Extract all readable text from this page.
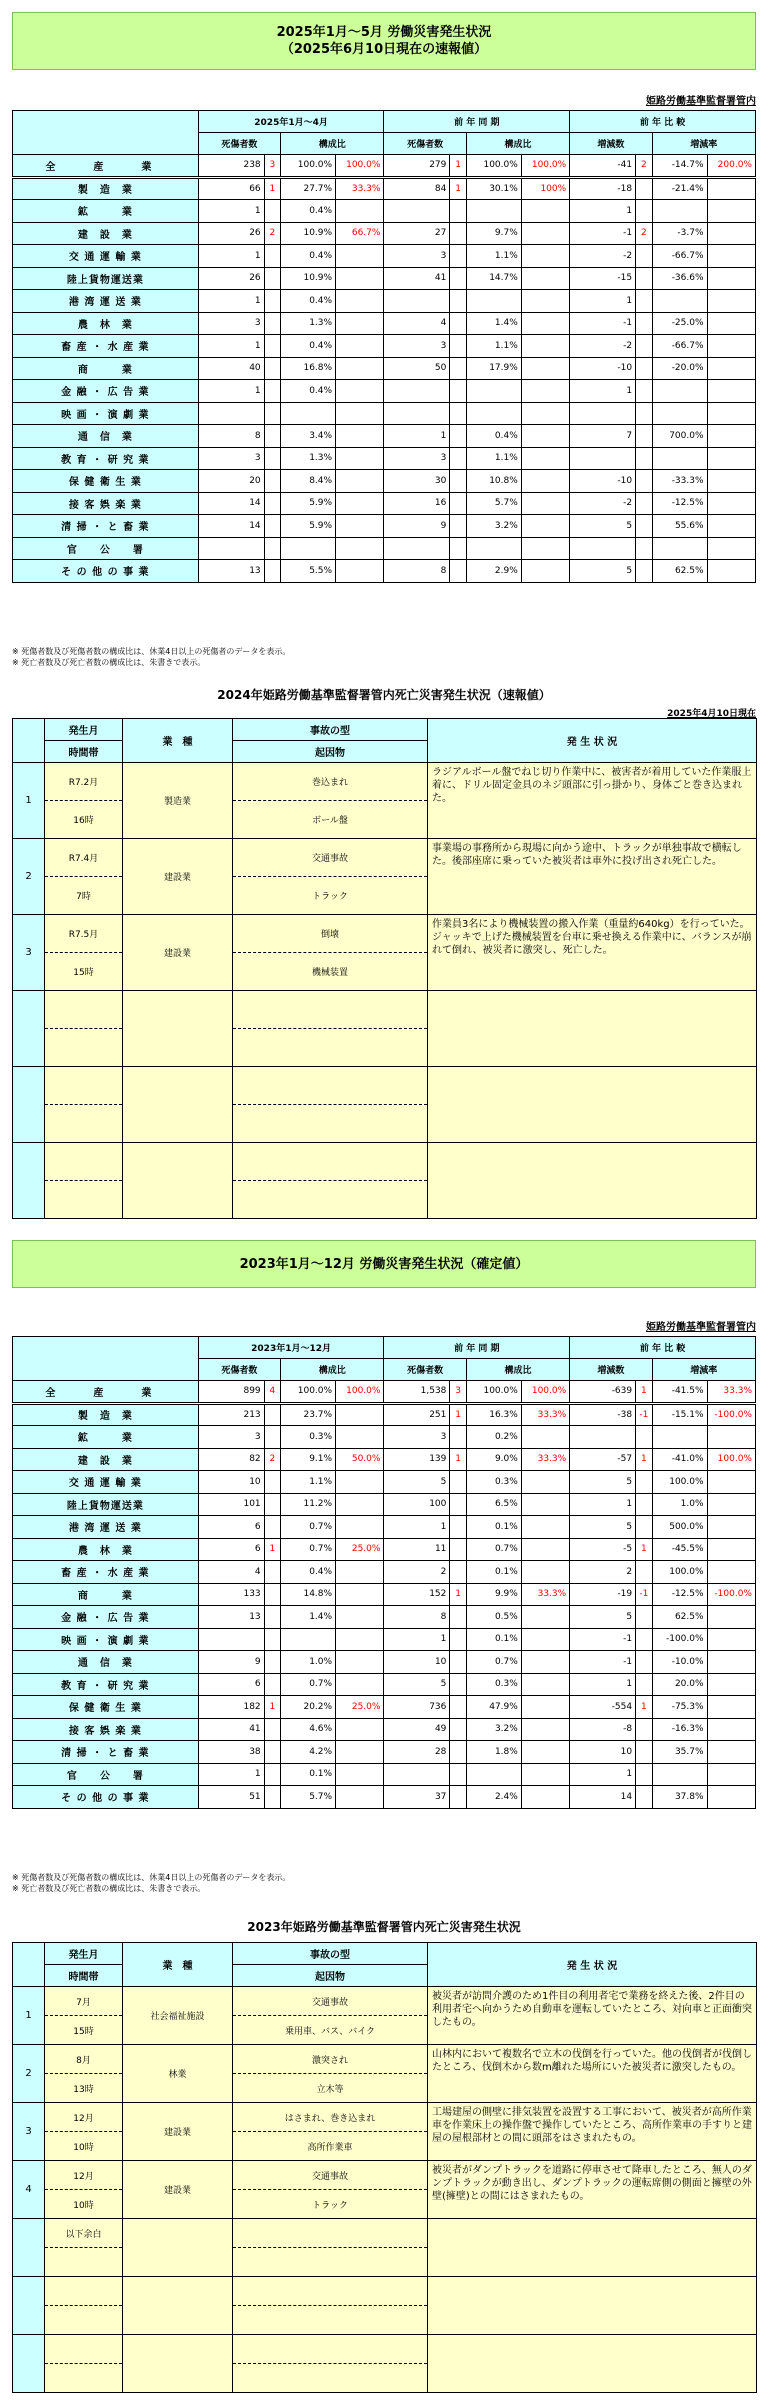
2025年1月～5月 労働災害発生状況
（2025年6月10日現在の速報値）
姫路労働基準監督署管内
	2025年1月～4月				前 年 同 期				前 年 比 較			
	死傷者数		構成比		死傷者数		構成比		増減数		増減率	
全　産　業	238	3	100.0%	100.0%	279	1	100.0%	100.0%	-41	2	-14.7%	200.0%
製　造　業	66	1	27.7%	33.3%	84	1	30.1%	100%	-18		-21.4%	
鉱　　　業	1		0.4%						1			
建　設　業	26	2	10.9%	66.7%	27		9.7%		-1	2	-3.7%	
交 通 運 輸 業	1		0.4%		3		1.1%		-2		-66.7%	
陸上貨物運送業	26		10.9%		41		14.7%		-15		-36.6%	
港 湾 運 送 業	1		0.4%						1			
農　林　業	3		1.3%		4		1.4%		-1		-25.0%	
畜 産 ・ 水 産 業	1		0.4%		3		1.1%		-2		-66.7%	
商　　　業	40		16.8%		50		17.9%		-10		-20.0%	
金 融 ・ 広 告 業	1		0.4%						1			
映 画 ・ 演 劇 業												
通　信　業	8		3.4%		1		0.4%		7		700.0%	
教 育 ・ 研 究 業	3		1.3%		3		1.1%					
保 健 衛 生 業	20		8.4%		30		10.8%		-10		-33.3%	
接 客 娯 楽 業	14		5.9%		16		5.7%		-2		-12.5%	
清 掃 ・ と 畜 業	14		5.9%		9		3.2%		5		55.6%	
官　　公　　署												
そ の 他 の 事 業	13		5.5%		8		2.9%		5		62.5%	
※ 死傷者数及び死傷者数の構成比は、休業4日以上の死傷者のデータを表示。
※ 死亡者数及び死亡者数の構成比は、朱書きで表示。
2024年姫路労働基準監督署管内死亡災害発生状況（速報値）
2025年4月10日現在
	発生月	業　種	事故の型	発 生 状 況
	時間帯		起因物	
1	R7.2月	製造業	巻込まれ	ラジアルボール盤でねじ切り作業中に、被害者が着用していた作業服上着に、ドリル固定金具のネジ頭部に引っ掛かり、身体ごと巻き込まれた。
	16時		ボール盤	
2	R7.4月	建設業	交通事故	事業場の事務所から現場に向かう途中、トラックが単独事故で横転した。後部座席に乗っていた被災者は車外に投げ出され死亡した。
	7時		トラック	
3	R7.5月	建設業	倒壊	作業員3名により機械装置の搬入作業（重量約640kg）を行っていた。ジャッキで上げた機械装置を台車に乗せ換える作業中に、バランスが崩れて倒れ、被災者に激突し、死亡した。
	15時		機械装置	

2023年1月～12月 労働災害発生状況（確定値）
姫路労働基準監督署管内
	2023年1月～12月				前 年 同 期				前 年 比 較			
	死傷者数		構成比		死傷者数		構成比		増減数		増減率	
全　産　業	899	4	100.0%	100.0%	1,538	3	100.0%	100.0%	-639	1	-41.5%	33.3%
製　造　業	213		23.7%		251	1	16.3%	33.3%	-38	-1	-15.1%	-100.0%
鉱　　　業	3		0.3%		3		0.2%					
建　設　業	82	2	9.1%	50.0%	139	1	9.0%	33.3%	-57	1	-41.0%	100.0%
交 通 運 輸 業	10		1.1%		5		0.3%		5		100.0%	
陸上貨物運送業	101		11.2%		100		6.5%		1		1.0%	
港 湾 運 送 業	6		0.7%		1		0.1%		5		500.0%	
農　林　業	6	1	0.7%	25.0%	11		0.7%		-5	1	-45.5%	
畜 産 ・ 水 産 業	4		0.4%		2		0.1%		2		100.0%	
商　　　業	133		14.8%		152	1	9.9%	33.3%	-19	-1	-12.5%	-100.0%
金 融 ・ 広 告 業	13		1.4%		8		0.5%		5		62.5%	
映 画 ・ 演 劇 業					1		0.1%		-1		-100.0%	
通　信　業	9		1.0%		10		0.7%		-1		-10.0%	
教 育 ・ 研 究 業	6		0.7%		5		0.3%		1		20.0%	
保 健 衛 生 業	182	1	20.2%	25.0%	736		47.9%		-554	1	-75.3%	
接 客 娯 楽 業	41		4.6%		49		3.2%		-8		-16.3%	
清 掃 ・ と 畜 業	38		4.2%		28		1.8%		10		35.7%	
官　　公　　署	1		0.1%						1			
そ の 他 の 事 業	51		5.7%		37		2.4%		14		37.8%	
※ 死傷者数及び死傷者数の構成比は、休業4日以上の死傷者のデータを表示。
※ 死亡者数及び死亡者数の構成比は、朱書きで表示。
2023年姫路労働基準監督署管内死亡災害発生状況
	発生月	業　種	事故の型	発 生 状 況
	時間帯		起因物	
1	7月	社会福祉施設	交通事故	被災者が訪問介護のため1件目の利用者宅で業務を終えた後、2件目の利用者宅へ向かうため自動車を運転していたところ、対向車と正面衝突したもの。
	15時		乗用車、バス、バイク	
2	8月	林業	激突され	山林内において複数名で立木の伐倒を行っていた。他の伐倒者が伐倒したところ、伐倒木から数m離れた場所にいた被災者に激突したもの。
	13時		立木等	
3	12月	建設業	はさまれ、巻き込まれ	工場建屋の側壁に排気装置を設置する工事において、被災者が高所作業車を作業床上の操作盤で操作していたところ、高所作業車の手すりと建屋の屋根部材との間に頭部をはさまれたもの。
	10時		高所作業車	
4	12月	建設業	交通事故	被災者がダンプトラックを道路に停車させて降車したところ、無人のダンプトラックが動き出し、ダンプトラックの運転席側の側面と擁壁の外壁(擁壁)との間にはさまれたもの。
	10時		トラック	
	以下余白			
